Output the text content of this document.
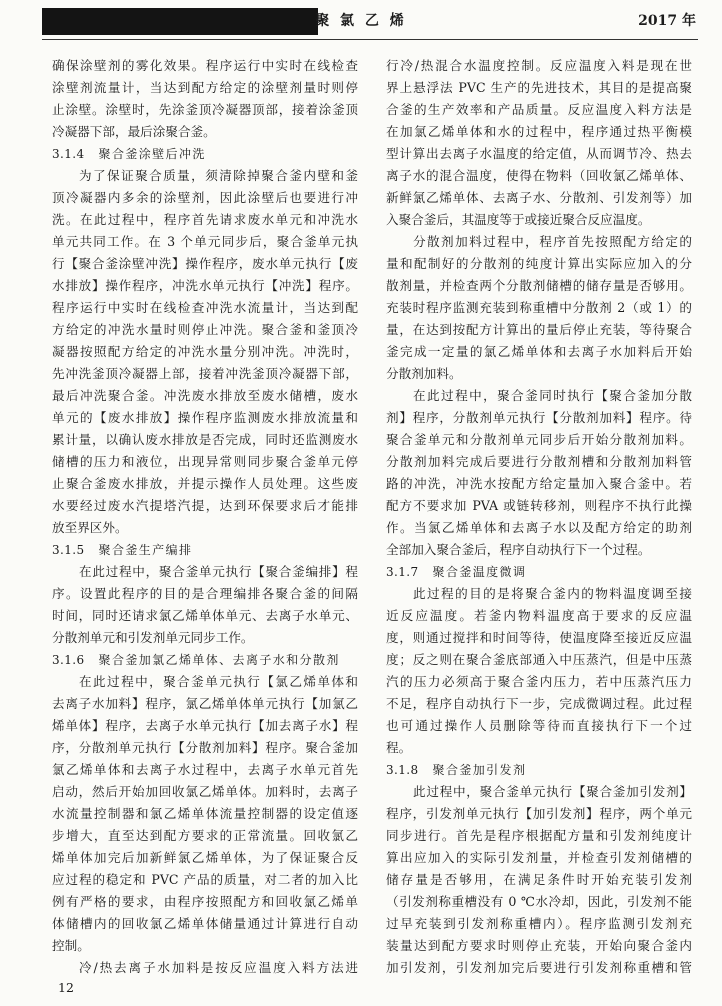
聚 氯 乙 烯	2017 年
确保涂壁剂的雾化效果。程序运行中实时在线检查
涂壁剂流量计，当达到配方给定的涂壁剂量时则停
止涂壁。涂壁时，先涂釜顶冷凝器顶部，接着涂釜顶
冷凝器下部，最后涂聚合釜。
3.1.4 聚合釜涂壁后冲洗
为了保证聚合质量，须清除掉聚合釜内壁和釜
顶冷凝器内多余的涂壁剂，因此涂壁后也要进行冲
洗。在此过程中，程序首先请求废水单元和冲洗水
单元共同工作。在 3 个单元同步后，聚合釜单元执
行【聚合釜涂壁冲洗】操作程序，废水单元执行【废
水排放】操作程序，冲洗水单元执行【冲洗】程序。
程序运行中实时在线检查冲洗水流量计，当达到配
方给定的冲洗水量时则停止冲洗。聚合釜和釜顶冷
凝器按照配方给定的冲洗水量分别冲洗。冲洗时，
先冲洗釜顶冷凝器上部，接着冲洗釜顶冷凝器下部，
最后冲洗聚合釜。冲洗废水排放至废水储槽，废水
单元的【废水排放】操作程序监测废水排放流量和
累计量，以确认废水排放是否完成，同时还监测废水
储槽的压力和液位，出现异常则同步聚合釜单元停
止聚合釜废水排放，并提示操作人员处理。这些废
水要经过废水汽提塔汽提，达到环保要求后才能排
放至界区外。
3.1.5 聚合釜生产编排
在此过程中，聚合釜单元执行【聚合釜编排】程
序。设置此程序的目的是合理编排各聚合釜的间隔
时间，同时还请求氯乙烯单体单元、去离子水单元、
分散剂单元和引发剂单元同步工作。
3.1.6 聚合釜加氯乙烯单体、去离子水和分散剂
在此过程中，聚合釜单元执行【氯乙烯单体和
去离子水加料】程序，氯乙烯单体单元执行【加氯乙
烯单体】程序，去离子水单元执行【加去离子水】程
序，分散剂单元执行【分散剂加料】程序。聚合釜加
氯乙烯单体和去离子水过程中，去离子水单元首先
启动，然后开始加回收氯乙烯单体。加料时，去离子
水流量控制器和氯乙烯单体流量控制器的设定值逐
步增大，直至达到配方要求的正常流量。回收氯乙
烯单体加完后加新鲜氯乙烯单体，为了保证聚合反
应过程的稳定和 PVC 产品的质量，对二者的加入比
例有严格的要求，由程序按照配方和回收氯乙烯单
体储槽内的回收氯乙烯单体储量通过计算进行自动
控制。
冷/热去离子水加料是按反应温度入料方法进
行冷/热混合水温度控制。反应温度入料是现在世
界上悬浮法 PVC 生产的先进技术，其目的是提高聚
合釜的生产效率和产品质量。反应温度入料方法是
在加氯乙烯单体和水的过程中，程序通过热平衡模
型计算出去离子水温度的给定值，从而调节冷、热去
离子水的混合温度，使得在物料（回收氯乙烯单体、
新鲜氯乙烯单体、去离子水、分散剂、引发剂等）加
入聚合釜后，其温度等于或接近聚合反应温度。
分散剂加料过程中，程序首先按照配方给定的
量和配制好的分散剂的纯度计算出实际应加入的分
散剂量，并检查两个分散剂储槽的储存量是否够用。
充装时程序监测充装到称重槽中分散剂 2（或 1）的
量，在达到按配方计算出的量后停止充装，等待聚合
釜完成一定量的氯乙烯单体和去离子水加料后开始
分散剂加料。
在此过程中，聚合釜同时执行【聚合釜加分散
剂】程序，分散剂单元执行【分散剂加料】程序。待
聚合釜单元和分散剂单元同步后开始分散剂加料。
分散剂加料完成后要进行分散剂槽和分散剂加料管
路的冲洗，冲洗水按配方给定量加入聚合釜中。若
配方不要求加 PVA 或链转移剂，则程序不执行此操
作。当氯乙烯单体和去离子水以及配方给定的助剂
全部加入聚合釜后，程序自动执行下一个过程。
3.1.7 聚合釜温度微调
此过程的目的是将聚合釜内的物料温度调至接
近反应温度。若釜内物料温度高于要求的反应温
度，则通过搅拌和时间等待，使温度降至接近反应温
度；反之则在聚合釜底部通入中压蒸汽，但是中压蒸
汽的压力必须高于聚合釜内压力，若中压蒸汽压力
不足，程序自动执行下一步，完成微调过程。此过程
也可通过操作人员删除等待而直接执行下一个过
程。
3.1.8 聚合釜加引发剂
此过程中，聚合釜单元执行【聚合釜加引发剂】
程序，引发剂单元执行【加引发剂】程序，两个单元
同步进行。首先是程序根据配方量和引发剂纯度计
算出应加入的实际引发剂量，并检查引发剂储槽的
储存量是否够用，在满足条件时开始充装引发剂
（引发剂称重槽没有 0 ℃水冷却，因此，引发剂不能
过早充装到引发剂称重槽内）。程序监测引发剂充
装量达到配方要求时则停止充装，开始向聚合釜内
加引发剂，引发剂加完后要进行引发剂称重槽和管
12
